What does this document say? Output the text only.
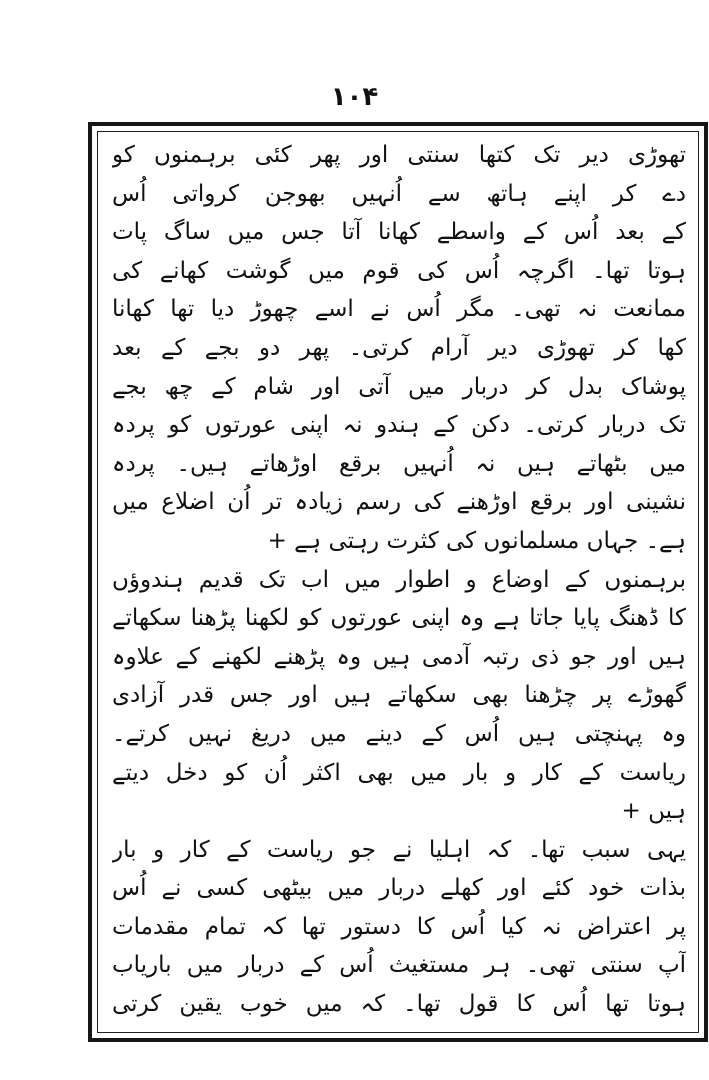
۱۰۴
تھوڑی دیر تک کتھا سنتی اور پھر کئی برہمنوں کو
دے کر اپنے ہاتھ سے اُنہیں بھوجن کرواتی اُس
کے بعد اُس کے واسطے کھانا آتا جس میں ساگ پات
ہوتا تھا۔ اگرچہ اُس کی قوم میں گوشت کھانے کی
ممانعت نہ تھی۔ مگر اُس نے اسے چھوڑ دیا تھا کھانا
کھا کر تھوڑی دیر آرام کرتی۔ پھر دو بجے کے بعد
پوشاک بدل کر دربار میں آتی اور شام کے چھ بجے
تک دربار کرتی۔ دکن کے ہندو نہ اپنی عورتوں کو پردہ
میں بٹھاتے ہیں نہ اُنہیں برقع اوڑھاتے ہیں۔ پردہ
نشینی اور برقع اوڑھنے کی رسم زیادہ تر اُن اضلاع میں
ہے۔ جہاں مسلمانوں کی کثرت رہتی ہے +
برہمنوں کے اوضاع و اطوار میں اب تک قدیم ہندوؤں
کا ڈھنگ پایا جاتا ہے وہ اپنی عورتوں کو لکھنا پڑھنا سکھاتے
ہیں اور جو ذی رتبہ آدمی ہیں وہ پڑھنے لکھنے کے علاوہ
گھوڑے پر چڑھنا بھی سکھاتے ہیں اور جس قدر آزادی
وہ پہنچتی ہیں اُس کے دینے میں دریغ نہیں کرتے۔
ریاست کے کار و بار میں بھی اکثر اُن کو دخل دیتے
ہیں +
یہی سبب تھا۔ کہ اہلیا نے جو ریاست کے کار و بار
بذات خود کئے اور کھلے دربار میں بیٹھی کسی نے اُس
پر اعتراض نہ کیا اُس کا دستور تھا کہ تمام مقدمات
آپ سنتی تھی۔ ہر مستغیث اُس کے دربار میں باریاب
ہوتا تھا اُس کا قول تھا۔ کہ میں خوب یقین کرتی
